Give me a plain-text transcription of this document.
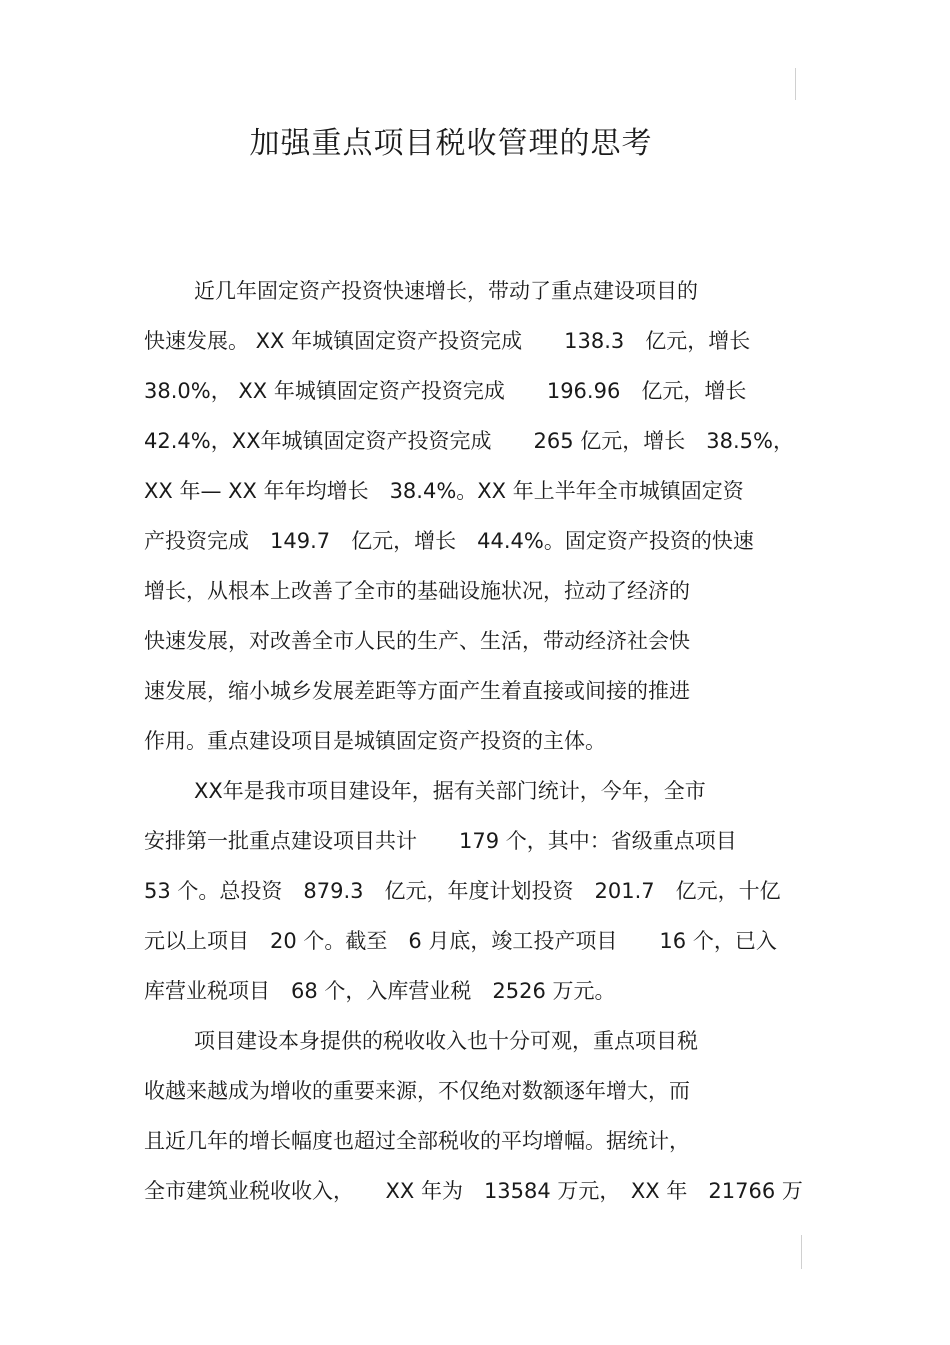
加强重点项目税收管理的思考
近几年固定资产投资快速增长，带动了重点建设项目的
快速发展。 XX 年城镇固定资产投资完成　　138.3　亿元，增长
38.0%， XX 年城镇固定资产投资完成　　196.96　亿元，增长
42.4%，XX年城镇固定资产投资完成　　265 亿元，增长　38.5%，
XX 年— XX 年年均增长　38.4%。XX 年上半年全市城镇固定资
产投资完成　149.7　亿元，增长　44.4%。固定资产投资的快速
增长，从根本上改善了全市的基础设施状况，拉动了经济的
快速发展，对改善全市人民的生产、生活，带动经济社会快
速发展，缩小城乡发展差距等方面产生着直接或间接的推进
作用。重点建设项目是城镇固定资产投资的主体。
XX年是我市项目建设年，据有关部门统计，今年，全市
安排第一批重点建设项目共计　　179 个，其中：省级重点项目
53 个。总投资　879.3　亿元，年度计划投资　201.7　亿元，十亿
元以上项目　20 个。截至　6 月底，竣工投产项目　　16 个，已入
库营业税项目　68 个，入库营业税　2526 万元。
项目建设本身提供的税收收入也十分可观，重点项目税
收越来越成为增收的重要来源，不仅绝对数额逐年增大，而
且近几年的增长幅度也超过全部税收的平均增幅。据统计，
全市建筑业税收收入，　　XX 年为　13584 万元，　XX 年　21766 万
